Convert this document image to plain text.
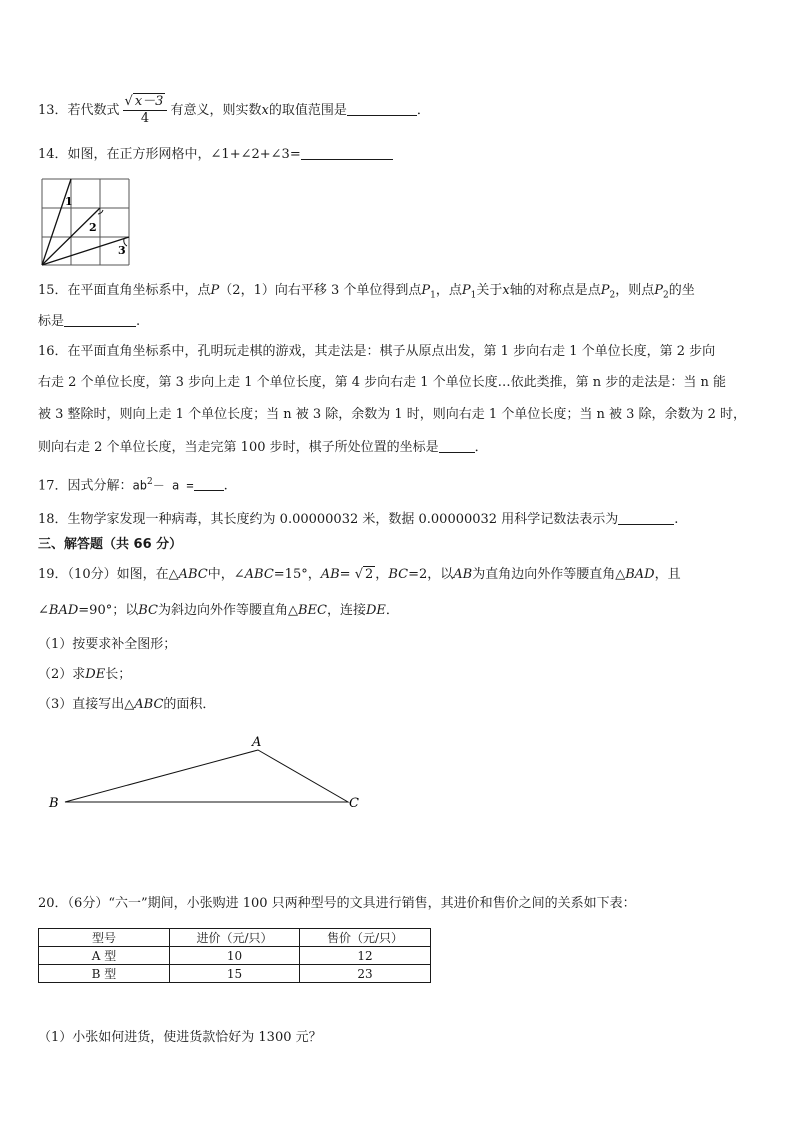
13．若代数式 $\frac{√ x-3}{4}$ 有意义，则实数x的取值范围是	．
14．如图，在正方形网格中，∠1+∠2+∠3=
1
2
3
15．在平面直角坐标系中，点P（2，1）向右平移 3 个单位得到点$P_1$，点$P_1$关于x轴的对称点是点$P_2$，则点$P_2$的坐
标是	.
16．在平面直角坐标系中，孔明玩走棋的游戏，其走法是：棋子从原点出发，第 1 步向右走 1 个单位长度，第 2 步向
右走 2 个单位长度，第 3 步向上走 1 个单位长度，第 4 步向右走 1 个单位长度…依此类推，第 n 步的走法是：当 n 能
被 3 整除时，则向上走 1 个单位长度；当 n 被 3 除，余数为 1 时，则向右走 1 个单位长度；当 n 被 3 除，余数为 2 时，
则向右走 2 个单位长度，当走完第 100 步时，棋子所处位置的坐标是	．
17．因式分解：$ab^2- a$ = .
18．生物学家发现一种病毒，其长度约为 0.00000032 米，数据 0.00000032 用科学记数法表示为	.
三、解答题（共 66 分）
19．（10分）如图，在△ABC中，∠ABC=15°，AB= √ 2 ，BC=2，以AB为直角边向外作等腰直角△BAD，且
∠BAD=90°；以BC为斜边向外作等腰直角△BEC，连接DE．
（1）按要求补全图形；
（2）求DE长；
（3）直接写出△ABC的面积．
A
B	C
20．（6分）“六一”期间，小张购进 100 只两种型号的文具进行销售，其进价和售价之间的关系如下表：
型号	进价（元/只）	售价（元/只）
A 型	10	12
B 型	15	23
（1）小张如何进货，使进货款恰好为 1300 元？
